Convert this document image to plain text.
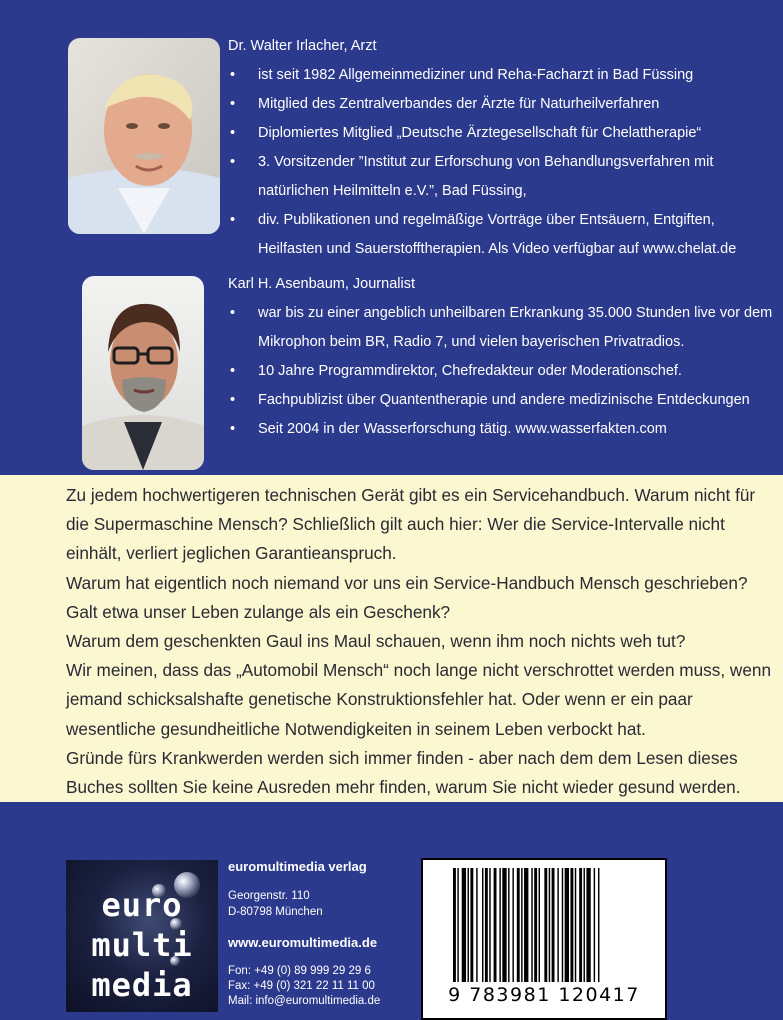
Dr. Walter Irlacher, Arzt
• ist seit 1982 Allgemeinmediziner und Reha-Facharzt in Bad Füssing
• Mitglied des Zentralverbandes der Ärzte für Naturheilverfahren
• Diplomiertes Mitglied „Deutsche Ärztegesellschaft für Chelattherapie“
• 3. Vorsitzender ”Institut zur Erforschung von Behandlungsverfahren mit natürlichen Heilmitteln e.V.”, Bad Füssing,
• div. Publikationen und regelmäßige Vorträge über Entsäuern, Entgiften, Heilfasten und Sauerstofftherapien. Als Video verfügbar auf www.chelat.de
Karl H. Asenbaum, Journalist
• war bis zu einer angeblich unheilbaren Erkrankung 35.000 Stunden live vor dem Mikrophon beim BR, Radio 7, und vielen bayerischen Privatradios.
• 10 Jahre Programmdirektor, Chefredakteur oder Moderationschef.
• Fachpublizist über Quantentherapie und andere medizinische Entdeckungen
• Seit 2004 in der Wasserforschung tätig. www.wasserfakten.com

Zu jedem hochwertigeren technischen Gerät gibt es ein Servicehandbuch. Warum nicht für die Supermaschine Mensch? Schließlich gilt auch hier: Wer die Service-Intervalle nicht einhält, verliert jeglichen Garantieanspruch.

Warum hat eigentlich noch niemand vor uns ein Service-Handbuch Mensch geschrieben? Galt etwa unser Leben zulange als ein Geschenk?

Warum dem geschenkten Gaul ins Maul schauen, wenn ihm noch nichts weh tut?

Wir meinen, dass das „Automobil Mensch“ noch lange nicht verschrottet werden muss, wenn jemand schicksalshafte genetische Konstruktionsfehler hat. Oder wenn er ein paar wesentliche gesundheitliche Notwendigkeiten in seinem Leben verbockt hat.

Gründe fürs Krankwerden werden sich immer finden - aber nach dem dem Lesen dieses Buches sollten Sie keine Ausreden mehr finden, warum Sie nicht wieder gesund werden.

euro
multi
media
euromultimedia verlag
Georgenstr. 110
D-80798 München
www.euromultimedia.de
Fon: +49 (0) 89 999 29 29 6
Fax: +49 (0) 321 22 11 11 00
Mail: info@euromultimedia.de	9 783981 120417
